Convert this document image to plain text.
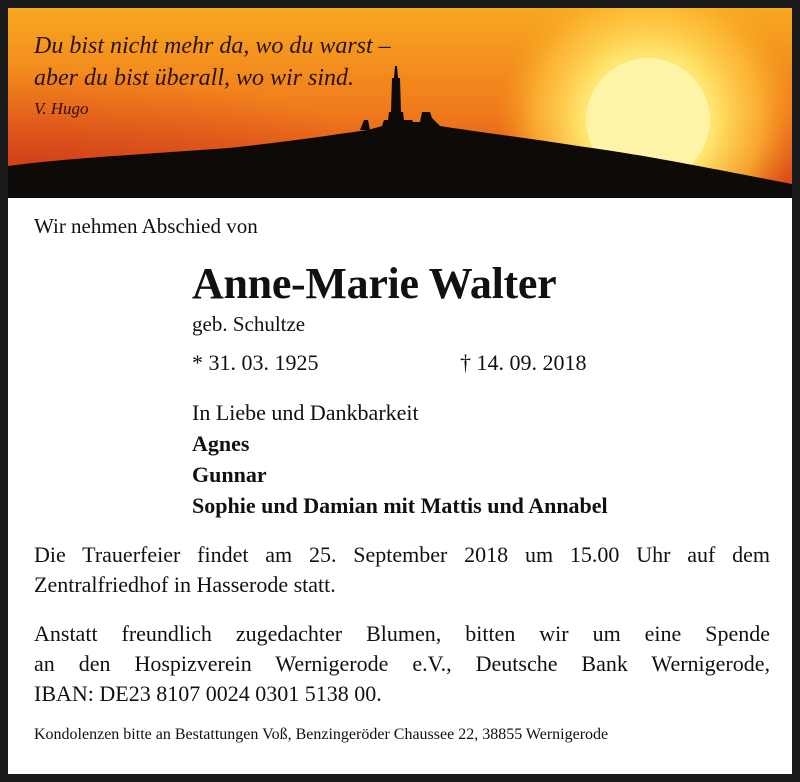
Du bist nicht mehr da, wo du warst –
aber du bist überall, wo wir sind.
V. Hugo
Wir nehmen Abschied von
Anne-Marie Walter
geb. Schultze
* 31. 03. 1925	† 14. 09. 2018
In Liebe und Dankbarkeit
Agnes
Gunnar
Sophie und Damian mit Mattis und Annabel
Die Trauerfeier findet am 25. September 2018 um 15.00 Uhr auf dem
Zentralfriedhof in Hasserode statt.
Anstatt freundlich zugedachter Blumen, bitten wir um eine Spende
an den Hospizverein Wernigerode e.V., Deutsche Bank Wernigerode,
IBAN: DE23 8107 0024 0301 5138 00.
Kondolenzen bitte an Bestattungen Voß, Benzingeröder Chaussee 22, 38855 Wernigerode
